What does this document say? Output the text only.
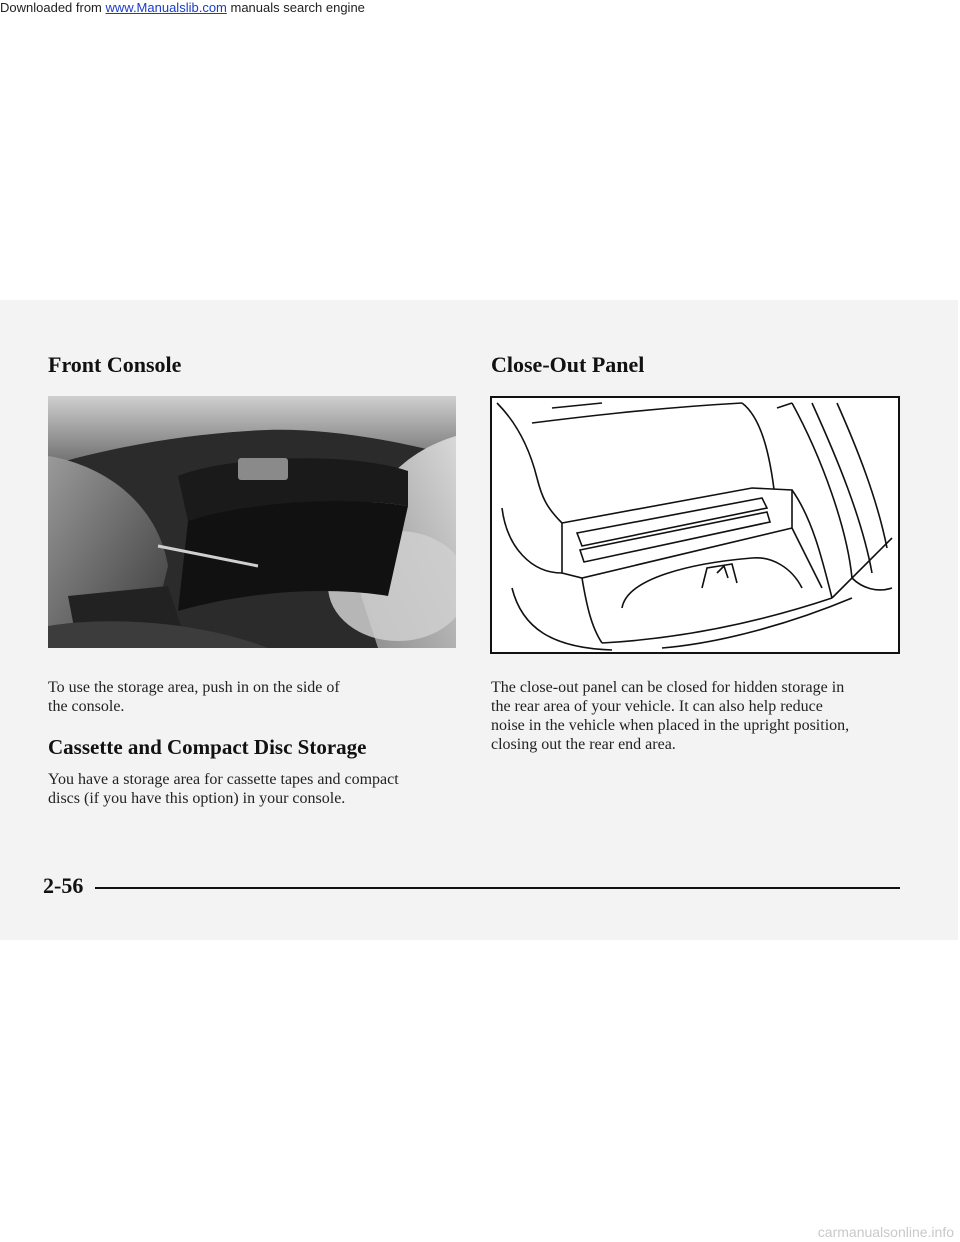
Downloaded from www.Manualslib.com manuals search engine

Front Console

To use the storage area, push in on the side of

the console.

Cassette and Compact Disc Storage

You have a storage area for cassette tapes and compact

discs (if you have this option) in your console.

Close-Out Panel

The close-out panel can be closed for hidden storage in

the rear area of your vehicle. It can also help reduce

noise in the vehicle when placed in the upright position,

closing out the rear end area.

2-56

carmanualsonline.info
